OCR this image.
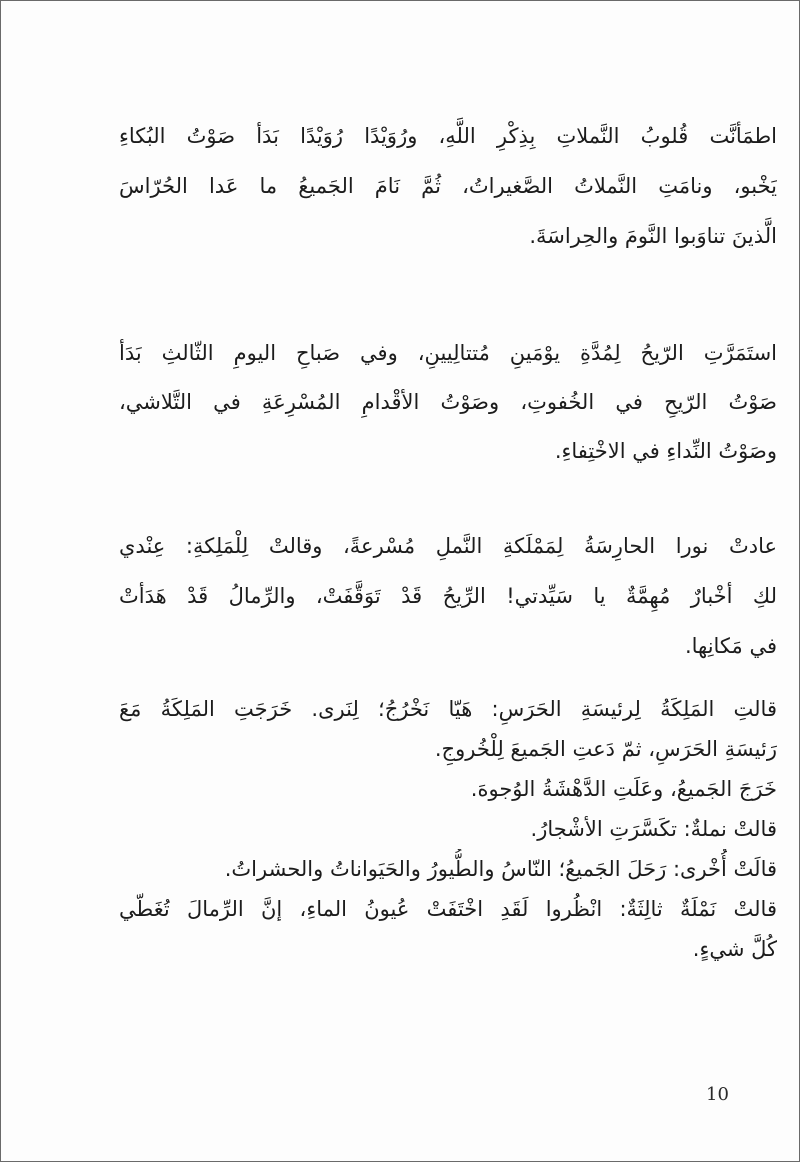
اطمَأنَّت قُلوبُ النَّملاتِ بِذِكْرِ اللَّهِ، ورُوَيْدًا رُوَيْدًا بَدَأ صَوْتُ البُكاءِ
يَخْبو، ونامَتِ النَّملاتُ الصَّغيراتُ، ثُمَّ نَامَ الجَميعُ ما عَدا الحُرّاسَ
الَّذينَ تناوَبوا النَّومَ والحِراسَةَ.
استَمَرَّتِ الرّيحُ لِمُدَّةِ يوْمَينِ مُتتالِيينِ، وفي صَباحِ اليومِ الثّالثِ بَدَأ
صَوْتُ الرّيحِ في الخُفوتِ، وصَوْتُ الأقْدامِ المُسْرِعَةِ في التَّلاشي،
وصَوْتُ النِّداءِ في الاخْتِفاءِ.
عادتْ نورا الحارِسَةُ لِمَمْلَكةِ النَّملِ مُسْرعةً، وقالتْ لِلْمَلِكةِ: عِنْدي
لكِ أخْبارٌ مُهِمَّةٌ يا سَيِّدتي! الرِّيحُ قَدْ تَوَقَّفَتْ، والرِّمالُ قَدْ هَدَأتْ
في مَكانِها.
قالتِ المَلِكَةُ لِرئيسَةِ الحَرَسِ: هَيّا نَخْرُجُ؛ لِنَرى. خَرَجَتِ المَلِكَةُ مَعَ
رَئيسَةِ الحَرَسِ، ثمّ دَعتِ الجَميعَ لِلْخُروجِ.
خَرَجَ الجَميعُ، وعَلَتِ الدَّهْشَةُ الوُجوهَ.
قالتْ نملةٌ: تكَسَّرَتِ الأشْجارُ.
قالَتْ أُخْرى: رَحَلَ الجَميعُ؛ النّاسُ والطُّيورُ والحَيَواناتُ والحشراتُ.
قالتْ نَمْلَةٌ ثالِثَةٌ: انْظُروا لَقَدِ اخْتَفَتْ عُيونُ الماءِ، إنَّ الرِّمالَ تُغَطّي
كُلَّ شيءٍ.
10
